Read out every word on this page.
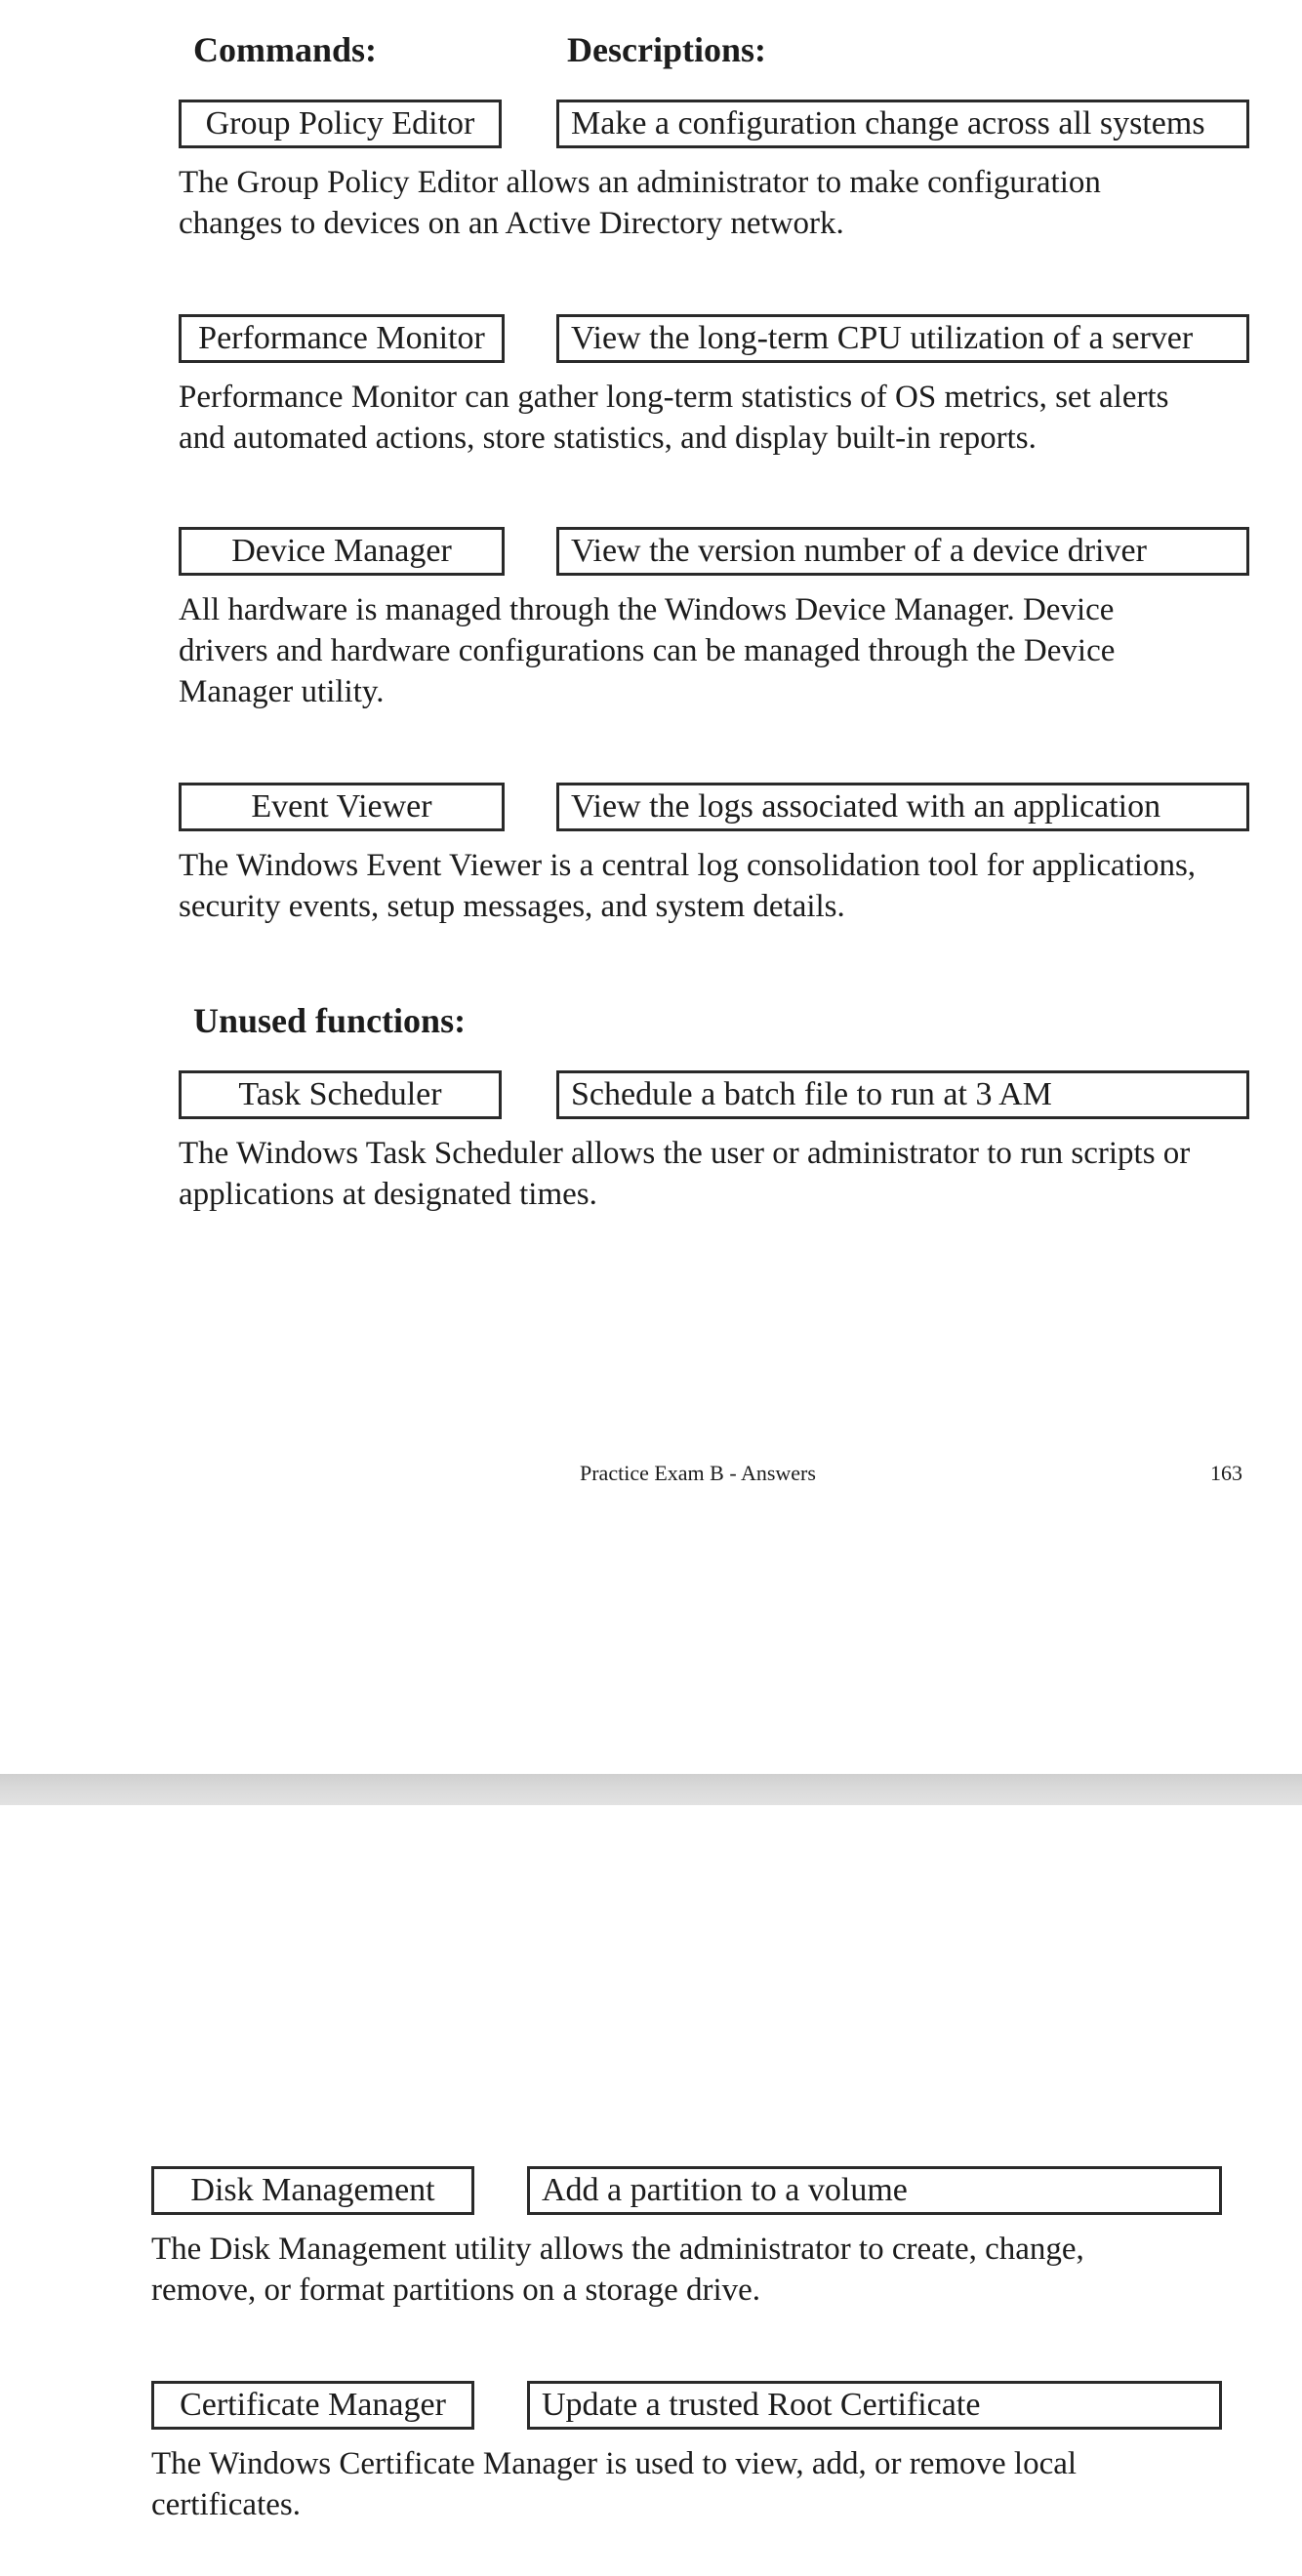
Commands:	Descriptions:
Group Policy Editor	Make a configuration change across all systems
The Group Policy Editor allows an administrator to make configuration
changes to devices on an Active Directory network.
Performance Monitor	View the long-term CPU utilization of a server
Performance Monitor can gather long-term statistics of OS metrics, set alerts
and automated actions, store statistics, and display built-in reports.
Device Manager	View the version number of a device driver
All hardware is managed through the Windows Device Manager. Device
drivers and hardware configurations can be managed through the Device
Manager utility.
Event Viewer	View the logs associated with an application
The Windows Event Viewer is a central log consolidation tool for applications,
security events, setup messages, and system details.
Unused functions:
Task Scheduler	Schedule a batch file to run at 3 AM
The Windows Task Scheduler allows the user or administrator to run scripts or
applications at designated times.
Practice Exam B - Answers	163
Disk Management	Add a partition to a volume
The Disk Management utility allows the administrator to create, change,
remove, or format partitions on a storage drive.
Certificate Manager	Update a trusted Root Certificate
The Windows Certificate Manager is used to view, add, or remove local
certificates.
